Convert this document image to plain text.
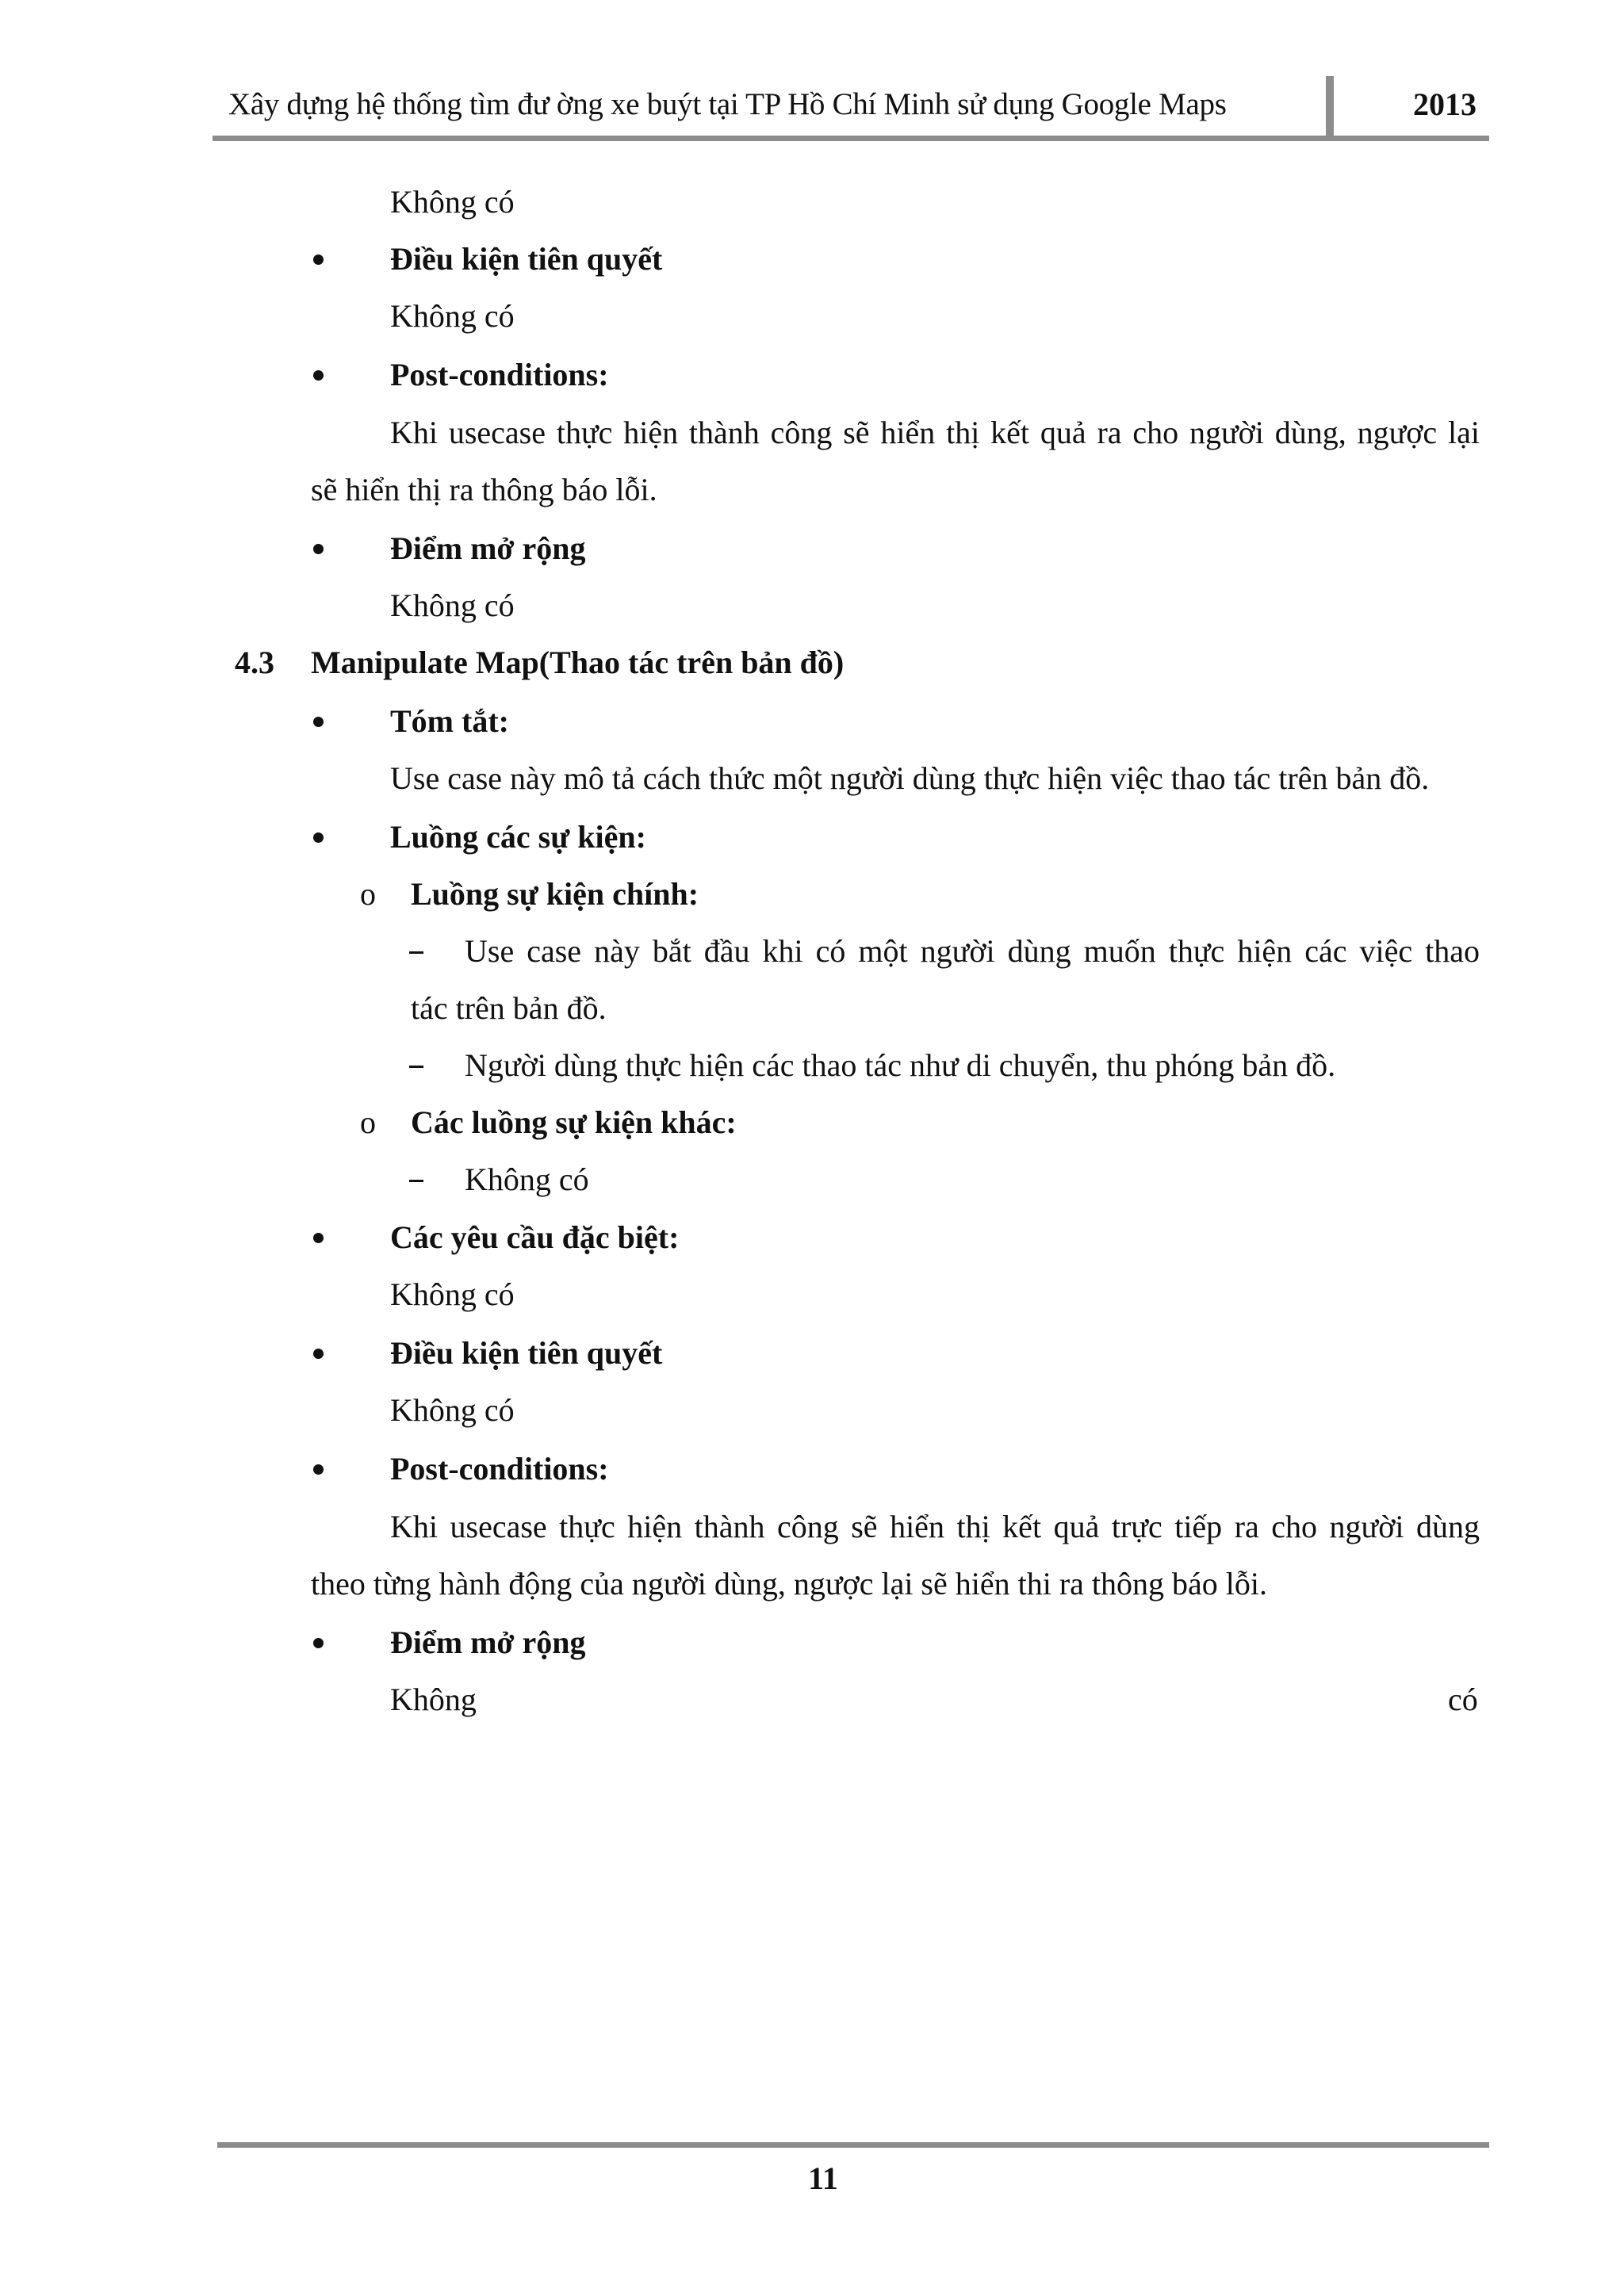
Xây dựng hệ thống tìm đư ờng xe buýt tại TP Hồ Chí Minh sử dụng Google Maps	2013
Không có
Điều kiện tiên quyết
Không có
Post-conditions:
Khi usecase thực hiện thành công sẽ hiển thị kết quả ra cho người dùng, ngược lại
sẽ hiển thị ra thông báo lỗi.
Điểm mở rộng
Không có
4.3 Manipulate Map(Thao tác trên bản đồ)
Tóm tắt:
Use case này mô tả cách thức một người dùng thực hiện việc thao tác trên bản đồ.
Luồng các sự kiện:
o Luồng sự kiện chính:
Use case này bắt đầu khi có một người dùng muốn thực hiện các việc thao
tác trên bản đồ.
Người dùng thực hiện các thao tác như di chuyển, thu phóng bản đồ.
o Các luồng sự kiện khác:
Không có
Các yêu cầu đặc biệt:
Không có
Điều kiện tiên quyết
Không có
Post-conditions:
Khi usecase thực hiện thành công sẽ hiển thị kết quả trực tiếp ra cho người dùng
theo từng hành động của người dùng, ngược lại sẽ hiển thi ra thông báo lỗi.
Điểm mở rộng
Không	có
11
